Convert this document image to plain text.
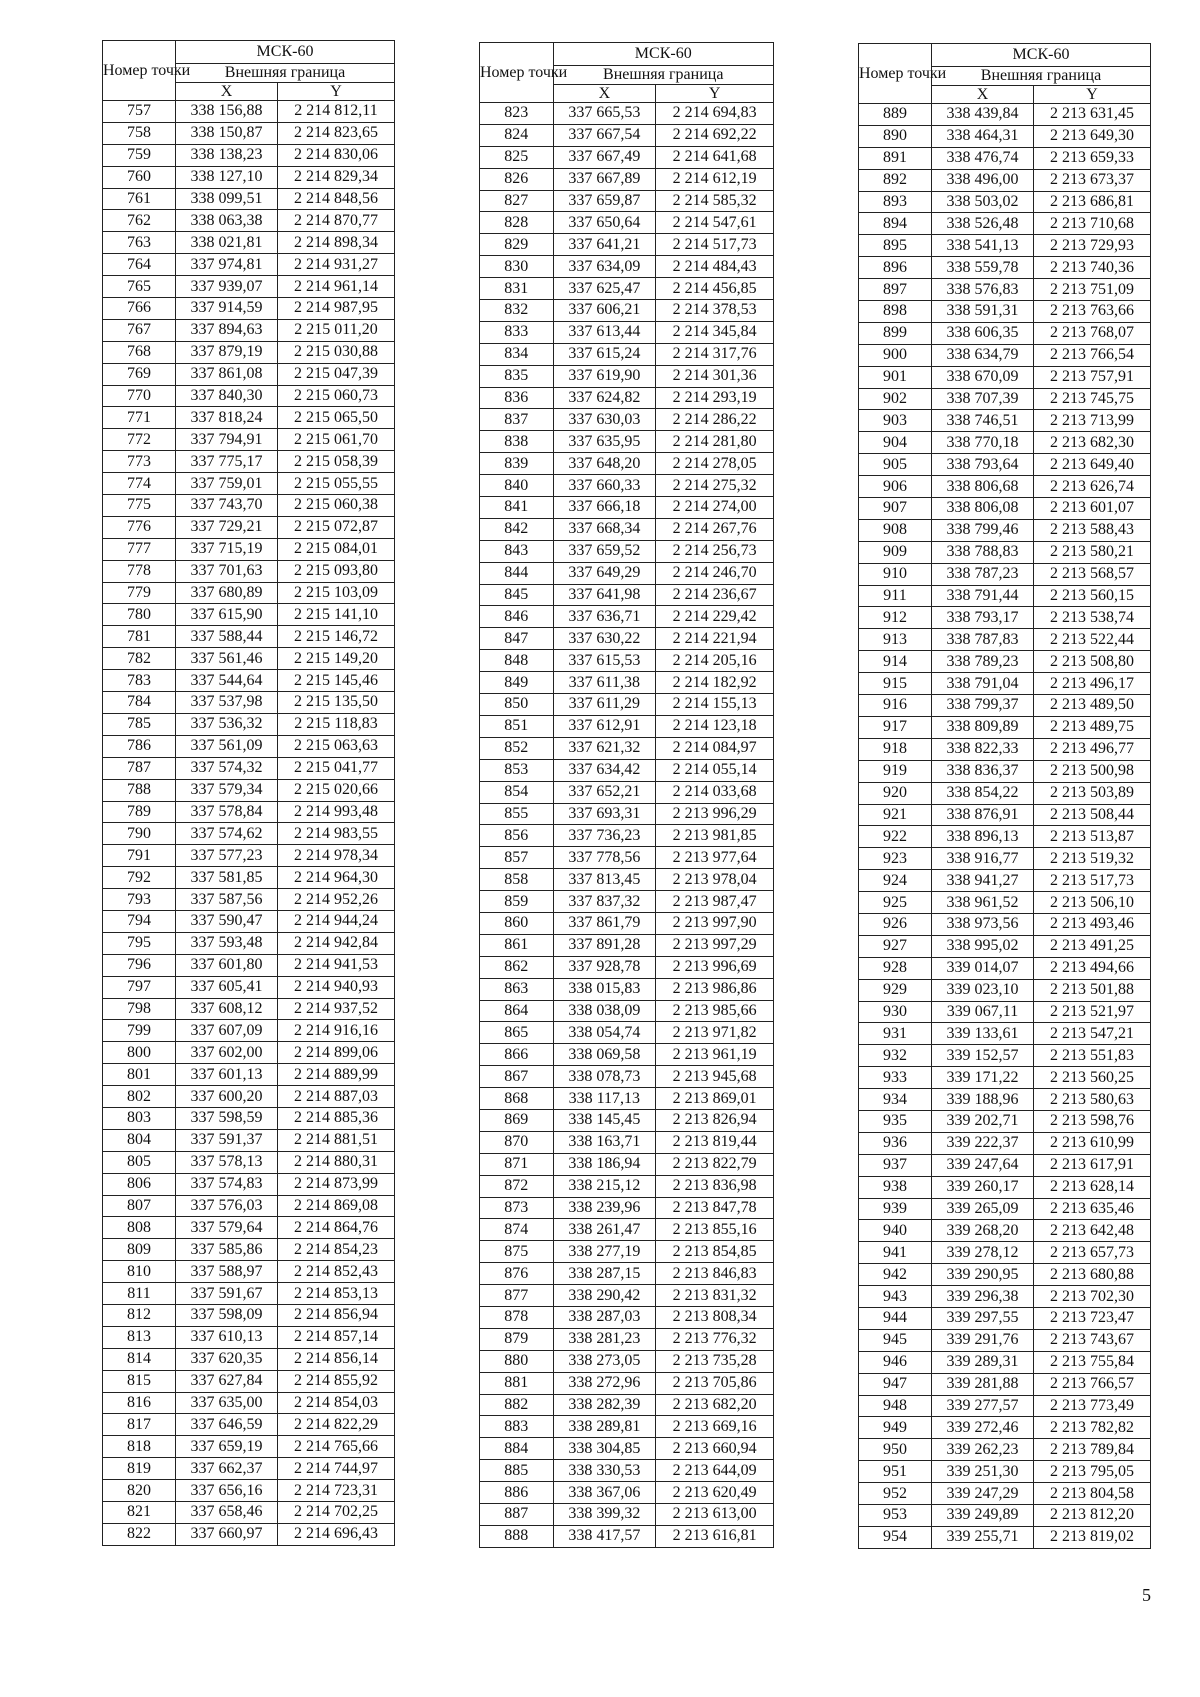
Номер точки	МСК-60	
	Внешняя граница	
	X	Y
757	338 156,88	2 214 812,11
758	338 150,87	2 214 823,65
759	338 138,23	2 214 830,06
760	338 127,10	2 214 829,34
761	338 099,51	2 214 848,56
762	338 063,38	2 214 870,77
763	338 021,81	2 214 898,34
764	337 974,81	2 214 931,27
765	337 939,07	2 214 961,14
766	337 914,59	2 214 987,95
767	337 894,63	2 215 011,20
768	337 879,19	2 215 030,88
769	337 861,08	2 215 047,39
770	337 840,30	2 215 060,73
771	337 818,24	2 215 065,50
772	337 794,91	2 215 061,70
773	337 775,17	2 215 058,39
774	337 759,01	2 215 055,55
775	337 743,70	2 215 060,38
776	337 729,21	2 215 072,87
777	337 715,19	2 215 084,01
778	337 701,63	2 215 093,80
779	337 680,89	2 215 103,09
780	337 615,90	2 215 141,10
781	337 588,44	2 215 146,72
782	337 561,46	2 215 149,20
783	337 544,64	2 215 145,46
784	337 537,98	2 215 135,50
785	337 536,32	2 215 118,83
786	337 561,09	2 215 063,63
787	337 574,32	2 215 041,77
788	337 579,34	2 215 020,66
789	337 578,84	2 214 993,48
790	337 574,62	2 214 983,55
791	337 577,23	2 214 978,34
792	337 581,85	2 214 964,30
793	337 587,56	2 214 952,26
794	337 590,47	2 214 944,24
795	337 593,48	2 214 942,84
796	337 601,80	2 214 941,53
797	337 605,41	2 214 940,93
798	337 608,12	2 214 937,52
799	337 607,09	2 214 916,16
800	337 602,00	2 214 899,06
801	337 601,13	2 214 889,99
802	337 600,20	2 214 887,03
803	337 598,59	2 214 885,36
804	337 591,37	2 214 881,51
805	337 578,13	2 214 880,31
806	337 574,83	2 214 873,99
807	337 576,03	2 214 869,08
808	337 579,64	2 214 864,76
809	337 585,86	2 214 854,23
810	337 588,97	2 214 852,43
811	337 591,67	2 214 853,13
812	337 598,09	2 214 856,94
813	337 610,13	2 214 857,14
814	337 620,35	2 214 856,14
815	337 627,84	2 214 855,92
816	337 635,00	2 214 854,03
817	337 646,59	2 214 822,29
818	337 659,19	2 214 765,66
819	337 662,37	2 214 744,97
820	337 656,16	2 214 723,31
821	337 658,46	2 214 702,25
822	337 660,97	2 214 696,43
Номер точки	МСК-60	
	Внешняя граница	
	X	Y
823	337 665,53	2 214 694,83
824	337 667,54	2 214 692,22
825	337 667,49	2 214 641,68
826	337 667,89	2 214 612,19
827	337 659,87	2 214 585,32
828	337 650,64	2 214 547,61
829	337 641,21	2 214 517,73
830	337 634,09	2 214 484,43
831	337 625,47	2 214 456,85
832	337 606,21	2 214 378,53
833	337 613,44	2 214 345,84
834	337 615,24	2 214 317,76
835	337 619,90	2 214 301,36
836	337 624,82	2 214 293,19
837	337 630,03	2 214 286,22
838	337 635,95	2 214 281,80
839	337 648,20	2 214 278,05
840	337 660,33	2 214 275,32
841	337 666,18	2 214 274,00
842	337 668,34	2 214 267,76
843	337 659,52	2 214 256,73
844	337 649,29	2 214 246,70
845	337 641,98	2 214 236,67
846	337 636,71	2 214 229,42
847	337 630,22	2 214 221,94
848	337 615,53	2 214 205,16
849	337 611,38	2 214 182,92
850	337 611,29	2 214 155,13
851	337 612,91	2 214 123,18
852	337 621,32	2 214 084,97
853	337 634,42	2 214 055,14
854	337 652,21	2 214 033,68
855	337 693,31	2 213 996,29
856	337 736,23	2 213 981,85
857	337 778,56	2 213 977,64
858	337 813,45	2 213 978,04
859	337 837,32	2 213 987,47
860	337 861,79	2 213 997,90
861	337 891,28	2 213 997,29
862	337 928,78	2 213 996,69
863	338 015,83	2 213 986,86
864	338 038,09	2 213 985,66
865	338 054,74	2 213 971,82
866	338 069,58	2 213 961,19
867	338 078,73	2 213 945,68
868	338 117,13	2 213 869,01
869	338 145,45	2 213 826,94
870	338 163,71	2 213 819,44
871	338 186,94	2 213 822,79
872	338 215,12	2 213 836,98
873	338 239,96	2 213 847,78
874	338 261,47	2 213 855,16
875	338 277,19	2 213 854,85
876	338 287,15	2 213 846,83
877	338 290,42	2 213 831,32
878	338 287,03	2 213 808,34
879	338 281,23	2 213 776,32
880	338 273,05	2 213 735,28
881	338 272,96	2 213 705,86
882	338 282,39	2 213 682,20
883	338 289,81	2 213 669,16
884	338 304,85	2 213 660,94
885	338 330,53	2 213 644,09
886	338 367,06	2 213 620,49
887	338 399,32	2 213 613,00
888	338 417,57	2 213 616,81
Номер точки	МСК-60	
	Внешняя граница	
	X	Y
889	338 439,84	2 213 631,45
890	338 464,31	2 213 649,30
891	338 476,74	2 213 659,33
892	338 496,00	2 213 673,37
893	338 503,02	2 213 686,81
894	338 526,48	2 213 710,68
895	338 541,13	2 213 729,93
896	338 559,78	2 213 740,36
897	338 576,83	2 213 751,09
898	338 591,31	2 213 763,66
899	338 606,35	2 213 768,07
900	338 634,79	2 213 766,54
901	338 670,09	2 213 757,91
902	338 707,39	2 213 745,75
903	338 746,51	2 213 713,99
904	338 770,18	2 213 682,30
905	338 793,64	2 213 649,40
906	338 806,68	2 213 626,74
907	338 806,08	2 213 601,07
908	338 799,46	2 213 588,43
909	338 788,83	2 213 580,21
910	338 787,23	2 213 568,57
911	338 791,44	2 213 560,15
912	338 793,17	2 213 538,74
913	338 787,83	2 213 522,44
914	338 789,23	2 213 508,80
915	338 791,04	2 213 496,17
916	338 799,37	2 213 489,50
917	338 809,89	2 213 489,75
918	338 822,33	2 213 496,77
919	338 836,37	2 213 500,98
920	338 854,22	2 213 503,89
921	338 876,91	2 213 508,44
922	338 896,13	2 213 513,87
923	338 916,77	2 213 519,32
924	338 941,27	2 213 517,73
925	338 961,52	2 213 506,10
926	338 973,56	2 213 493,46
927	338 995,02	2 213 491,25
928	339 014,07	2 213 494,66
929	339 023,10	2 213 501,88
930	339 067,11	2 213 521,97
931	339 133,61	2 213 547,21
932	339 152,57	2 213 551,83
933	339 171,22	2 213 560,25
934	339 188,96	2 213 580,63
935	339 202,71	2 213 598,76
936	339 222,37	2 213 610,99
937	339 247,64	2 213 617,91
938	339 260,17	2 213 628,14
939	339 265,09	2 213 635,46
940	339 268,20	2 213 642,48
941	339 278,12	2 213 657,73
942	339 290,95	2 213 680,88
943	339 296,38	2 213 702,30
944	339 297,55	2 213 723,47
945	339 291,76	2 213 743,67
946	339 289,31	2 213 755,84
947	339 281,88	2 213 766,57
948	339 277,57	2 213 773,49
949	339 272,46	2 213 782,82
950	339 262,23	2 213 789,84
951	339 251,30	2 213 795,05
952	339 247,29	2 213 804,58
953	339 249,89	2 213 812,20
954	339 255,71	2 213 819,02
5
